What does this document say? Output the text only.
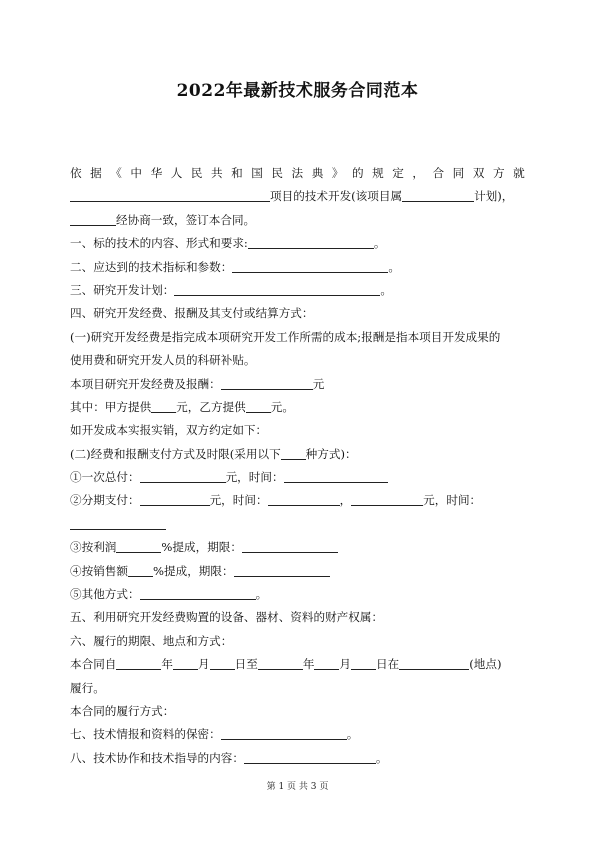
2022年最新技术服务合同范本
依 据 《 中 华 人 民 共 和 国 民 法 典 》 的 规 定 ， 合 同 双 方 就
项目的技术开发(该项目属	计划)，
经协商一致，签订本合同。
一、标的技术的内容、形式和要求:	。
二、应达到的技术指标和参数：	。
三、研究开发计划：	。
四、研究开发经费、报酬及其支付或结算方式：
(一)研究开发经费是指完成本项研究开发工作所需的成本;报酬是指本项目开发成果的
使用费和研究开发人员的科研补贴。
本项目研究开发经费及报酬：	元
其中：甲方提供 元，乙方提供 元。
如开发成本实报实销，双方约定如下：
(二)经费和报酬支付方式及时限(采用以下 种方式)：
①一次总付：	元，时间：
②分期支付：	元，时间：	，	元，时间：
③按利润	%提成，期限：
④按销售额 %提成，期限：
⑤其他方式：	。
五、利用研究开发经费购置的设备、器材、资料的财产权属：
六、履行的期限、地点和方式：
本合同自	年 月 日至	年 月 日在	(地点)
履行。
本合同的履行方式：
七、技术情报和资料的保密：	。
八、技术协作和技术指导的内容：	。
第 1 页 共 3 页
